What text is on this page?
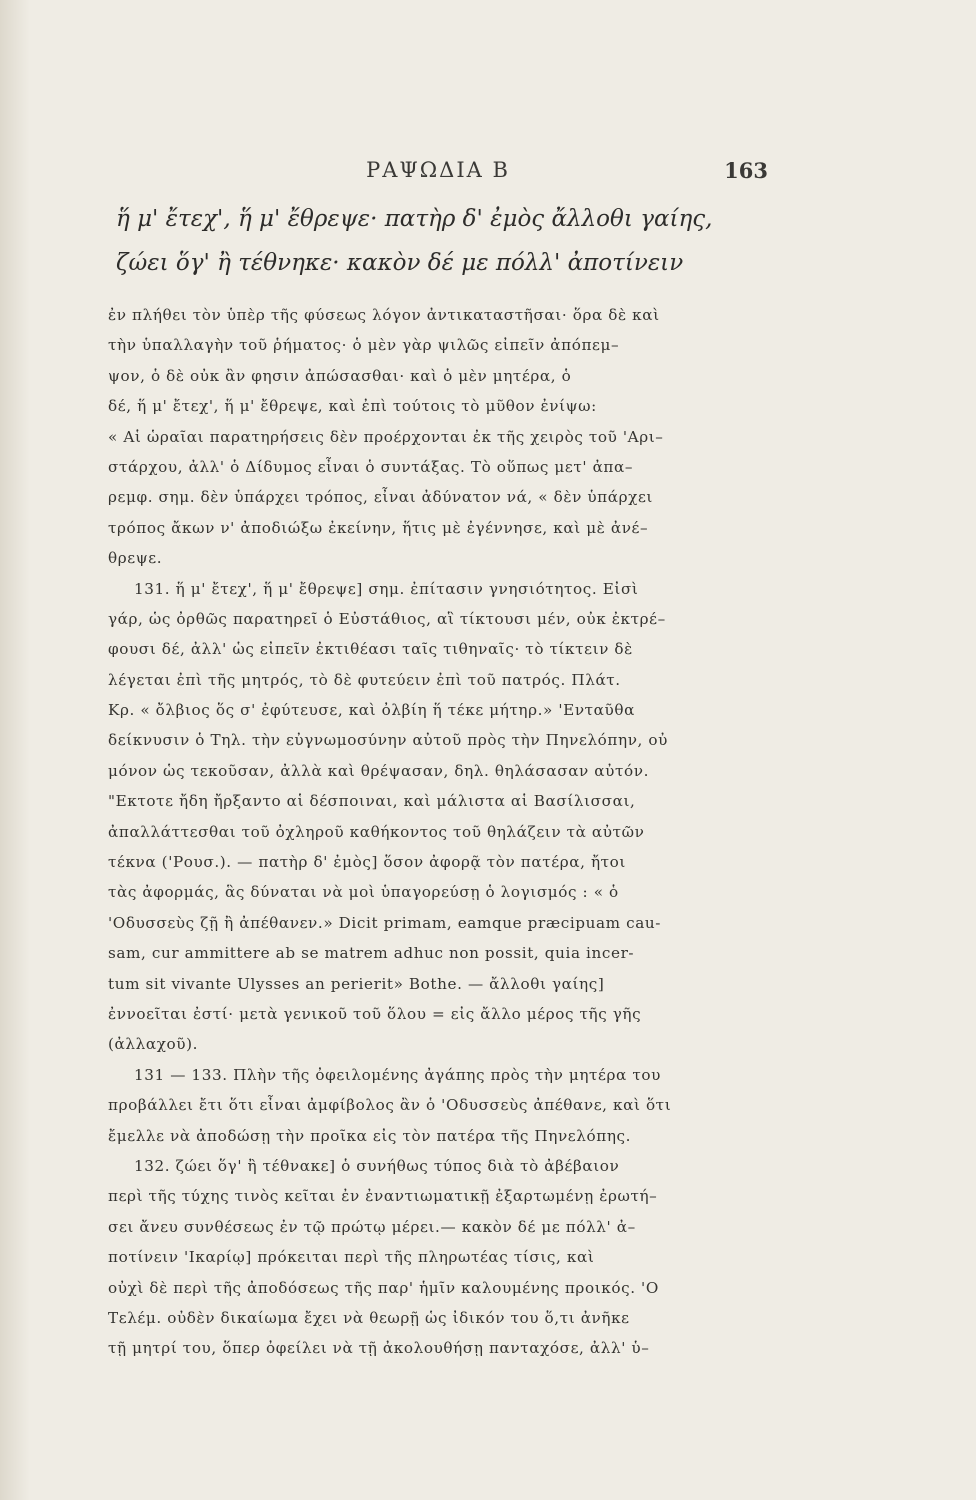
ΡΑΨΩΔΙΑ Β	163
ἥ μ' ἔτεχ', ἥ μ' ἔθρεψε· πατὴρ δ' ἐμὸς ἄλλοθι γαίης,
ζώει ὅγ' ἢ τέθνηκε· κακὸν δέ με πόλλ' ἀποτίνειν
ἐν πλήθει τὸν ὑπὲρ τῆς φύσεως λόγον ἀντικαταστῆσαι· ὅρα δὲ καὶ
τὴν ὑπαλλαγὴν τοῦ ῥήματος· ὁ μὲν γὰρ ψιλῶς εἰπεῖν ἀπόπεμ–
ψον, ὁ δὲ οὐκ ἂν φησιν ἀπώσασθαι· καὶ ὁ μὲν μητέρα, ὁ
δέ, ἥ μ' ἔτεχ', ἥ μ' ἔθρεψε, καὶ ἐπὶ τούτοις τὸ μῦθον ἐνίψω:
« Αἱ ὡραῖαι παρατηρήσεις δὲν προέρχονται ἐκ τῆς χειρὸς τοῦ 'Αρι–
στάρχου, ἀλλ' ὁ Δίδυμος εἶναι ὁ συντάξας. Τὸ οὕπως μετ' ἀπα–
ρεμφ. σημ. δὲν ὑπάρχει τρόπος, εἶναι ἀδύνατον νά, « δὲν ὑπάρχει
τρόπος ἄκων ν' ἀποδιώξω ἐκείνην, ἥτις μὲ ἐγέννησε, καὶ μὲ ἀνέ–
θρεψε.
131. ἥ μ' ἔτεχ', ἥ μ' ἔθρεψε] σημ. ἐπίτασιν γνησιότητος. Εἰσὶ
γάρ, ὡς ὀρθῶς παρατηρεῖ ὁ Εὐστάθιος, αἳ τίκτουσι μέν, οὐκ ἐκτρέ–
φουσι δέ, ἀλλ' ὡς εἰπεῖν ἐκτιθέασι ταῖς τιθηναῖς· τὸ τίκτειν δὲ
λέγεται ἐπὶ τῆς μητρός, τὸ δὲ φυτεύειν ἐπὶ τοῦ πατρός. Πλάτ.
Κρ. « ὄλβιος ὅς σ' ἐφύτευσε, καὶ ὀλβίη ἥ τέκε μήτηρ.» 'Ενταῦθα
δείκνυσιν ὁ Τηλ. τὴν εὐγνωμοσύνην αὐτοῦ πρὸς τὴν Πηνελόπην, οὐ
μόνον ὡς τεκοῦσαν, ἀλλὰ καὶ θρέψασαν, δηλ. θηλάσασαν αὐτόν.
"Εκτοτε ἤδη ἤρξαντο αἱ δέσποιναι, καὶ μάλιστα αἱ Βασίλισσαι,
ἀπαλλάττεσθαι τοῦ ὀχληροῦ καθήκοντος τοῦ θηλάζειν τὰ αὐτῶν
τέκνα ('Ρουσ.). — πατὴρ δ' ἐμὸς] ὅσον ἀφορᾷ τὸν πατέρα, ἤτοι
τὰς ἀφορμάς, ἃς δύναται νὰ μοὶ ὑπαγορεύσῃ ὁ λογισμός : « ὁ
'Οδυσσεὺς ζῇ ἢ ἀπέθανεν.» Dicit primam, eamque præcipuam cau-
sam, cur ammittere ab se matrem adhuc non possit, quia incer-
tum sit vivante Ulysses an perierit» Bothe. — ἄλλοθι γαίης]
ἐννοεῖται ἐστί· μετὰ γενικοῦ τοῦ ὅλου = εἰς ἄλλο μέρος τῆς γῆς
(ἀλλαχοῦ).
131 — 133. Πλὴν τῆς ὀφειλομένης ἀγάπης πρὸς τὴν μητέρα του
προβάλλει ἔτι ὅτι εἶναι ἀμφίβολος ἂν ὁ 'Οδυσσεὺς ἀπέθανε, καὶ ὅτι
ἔμελλε νὰ ἀποδώσῃ τὴν προῖκα εἰς τὸν πατέρα τῆς Πηνελόπης.
132. ζώει ὅγ' ἢ τέθνακε] ὁ συνήθως τύπος διὰ τὸ ἀβέβαιον
περὶ τῆς τύχης τινὸς κεῖται ἐν ἐναντιωματικῇ ἐξαρτωμένῃ ἐρωτή–
σει ἄνευ συνθέσεως ἐν τῷ πρώτῳ μέρει.— κακὸν δέ με πόλλ' ἀ–
ποτίνειν 'Ικαρίῳ] πρόκειται περὶ τῆς πληρωτέας τίσις, καὶ
οὐχὶ δὲ περὶ τῆς ἀποδόσεως τῆς παρ' ἡμῖν καλουμένης προικός. 'Ο
Τελέμ. οὐδὲν δικαίωμα ἔχει νὰ θεωρῇ ὡς ἰδικόν του ὅ,τι ἀνῆκε
τῇ μητρί του, ὅπερ ὀφείλει νὰ τῇ ἀκολουθήσῃ πανταχόσε, ἀλλ' ὑ–
